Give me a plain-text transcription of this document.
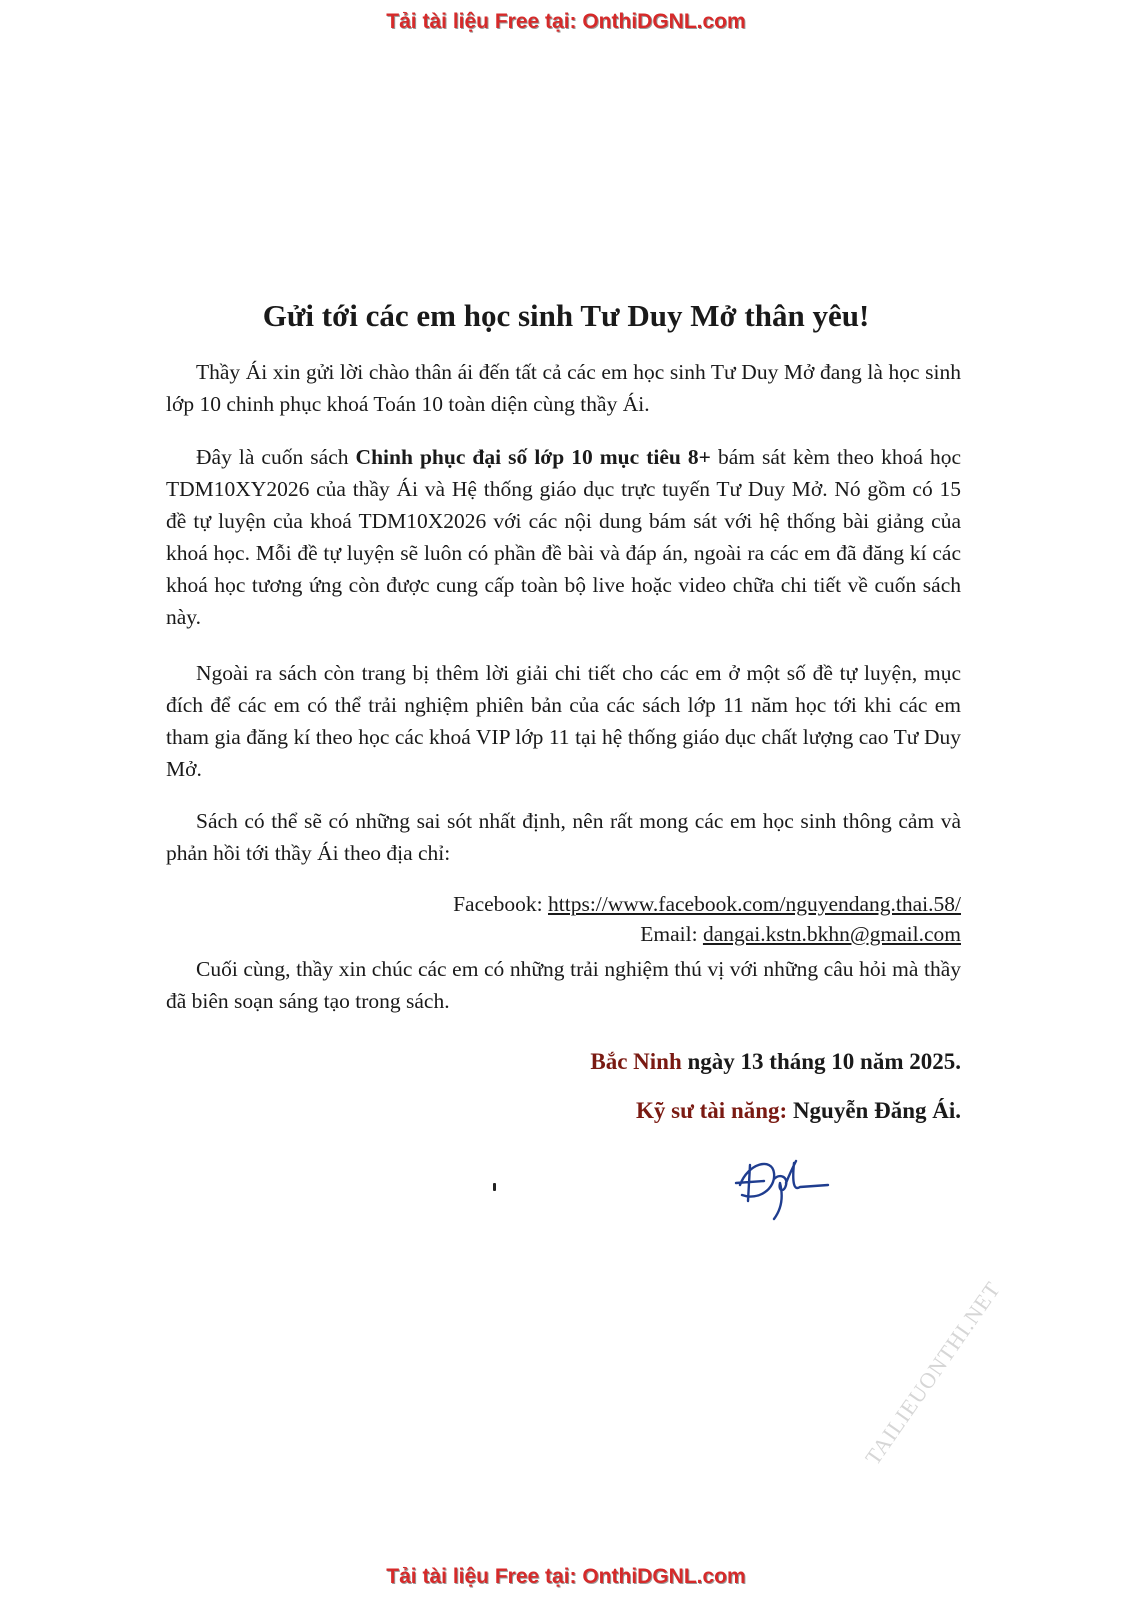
Tải tài liệu Free tại: OnthiDGNL.com
Gửi tới các em học sinh Tư Duy Mở thân yêu!

Thầy Ái xin gửi lời chào thân ái đến tất cả các em học sinh Tư Duy Mở đang là học sinh lớp 10 chinh phục khoá Toán 10 toàn diện cùng thầy Ái.

Đây là cuốn sách Chinh phục đại số lớp 10 mục tiêu 8+ bám sát kèm theo khoá học TDM10XY2026 của thầy Ái và Hệ thống giáo dục trực tuyến Tư Duy Mở. Nó gồm có 15 đề tự luyện của khoá TDM10X2026 với các nội dung bám sát với hệ thống bài giảng của khoá học. Mỗi đề tự luyện sẽ luôn có phần đề bài và đáp án, ngoài ra các em đã đăng kí các khoá học tương ứng còn được cung cấp toàn bộ live hoặc video chữa chi tiết về cuốn sách này.

Ngoài ra sách còn trang bị thêm lời giải chi tiết cho các em ở một số đề tự luyện, mục đích để các em có thể trải nghiệm phiên bản của các sách lớp 11 năm học tới khi các em tham gia đăng kí theo học các khoá VIP lớp 11 tại hệ thống giáo dục chất lượng cao Tư Duy Mở.

Sách có thể sẽ có những sai sót nhất định, nên rất mong các em học sinh thông cảm và phản hồi tới thầy Ái theo địa chỉ:

Facebook: https://www.facebook.com/nguyendang.thai.58/
Email: dangai.kstn.bkhn@gmail.com

Cuối cùng, thầy xin chúc các em có những trải nghiệm thú vị với những câu hỏi mà thầy đã biên soạn sáng tạo trong sách.

Bắc Ninh ngày 13 tháng 10 năm 2025.
Kỹ sư tài năng: Nguyễn Đăng Ái.
TAILIEUONTHI.NET
Tải tài liệu Free tại: OnthiDGNL.com
